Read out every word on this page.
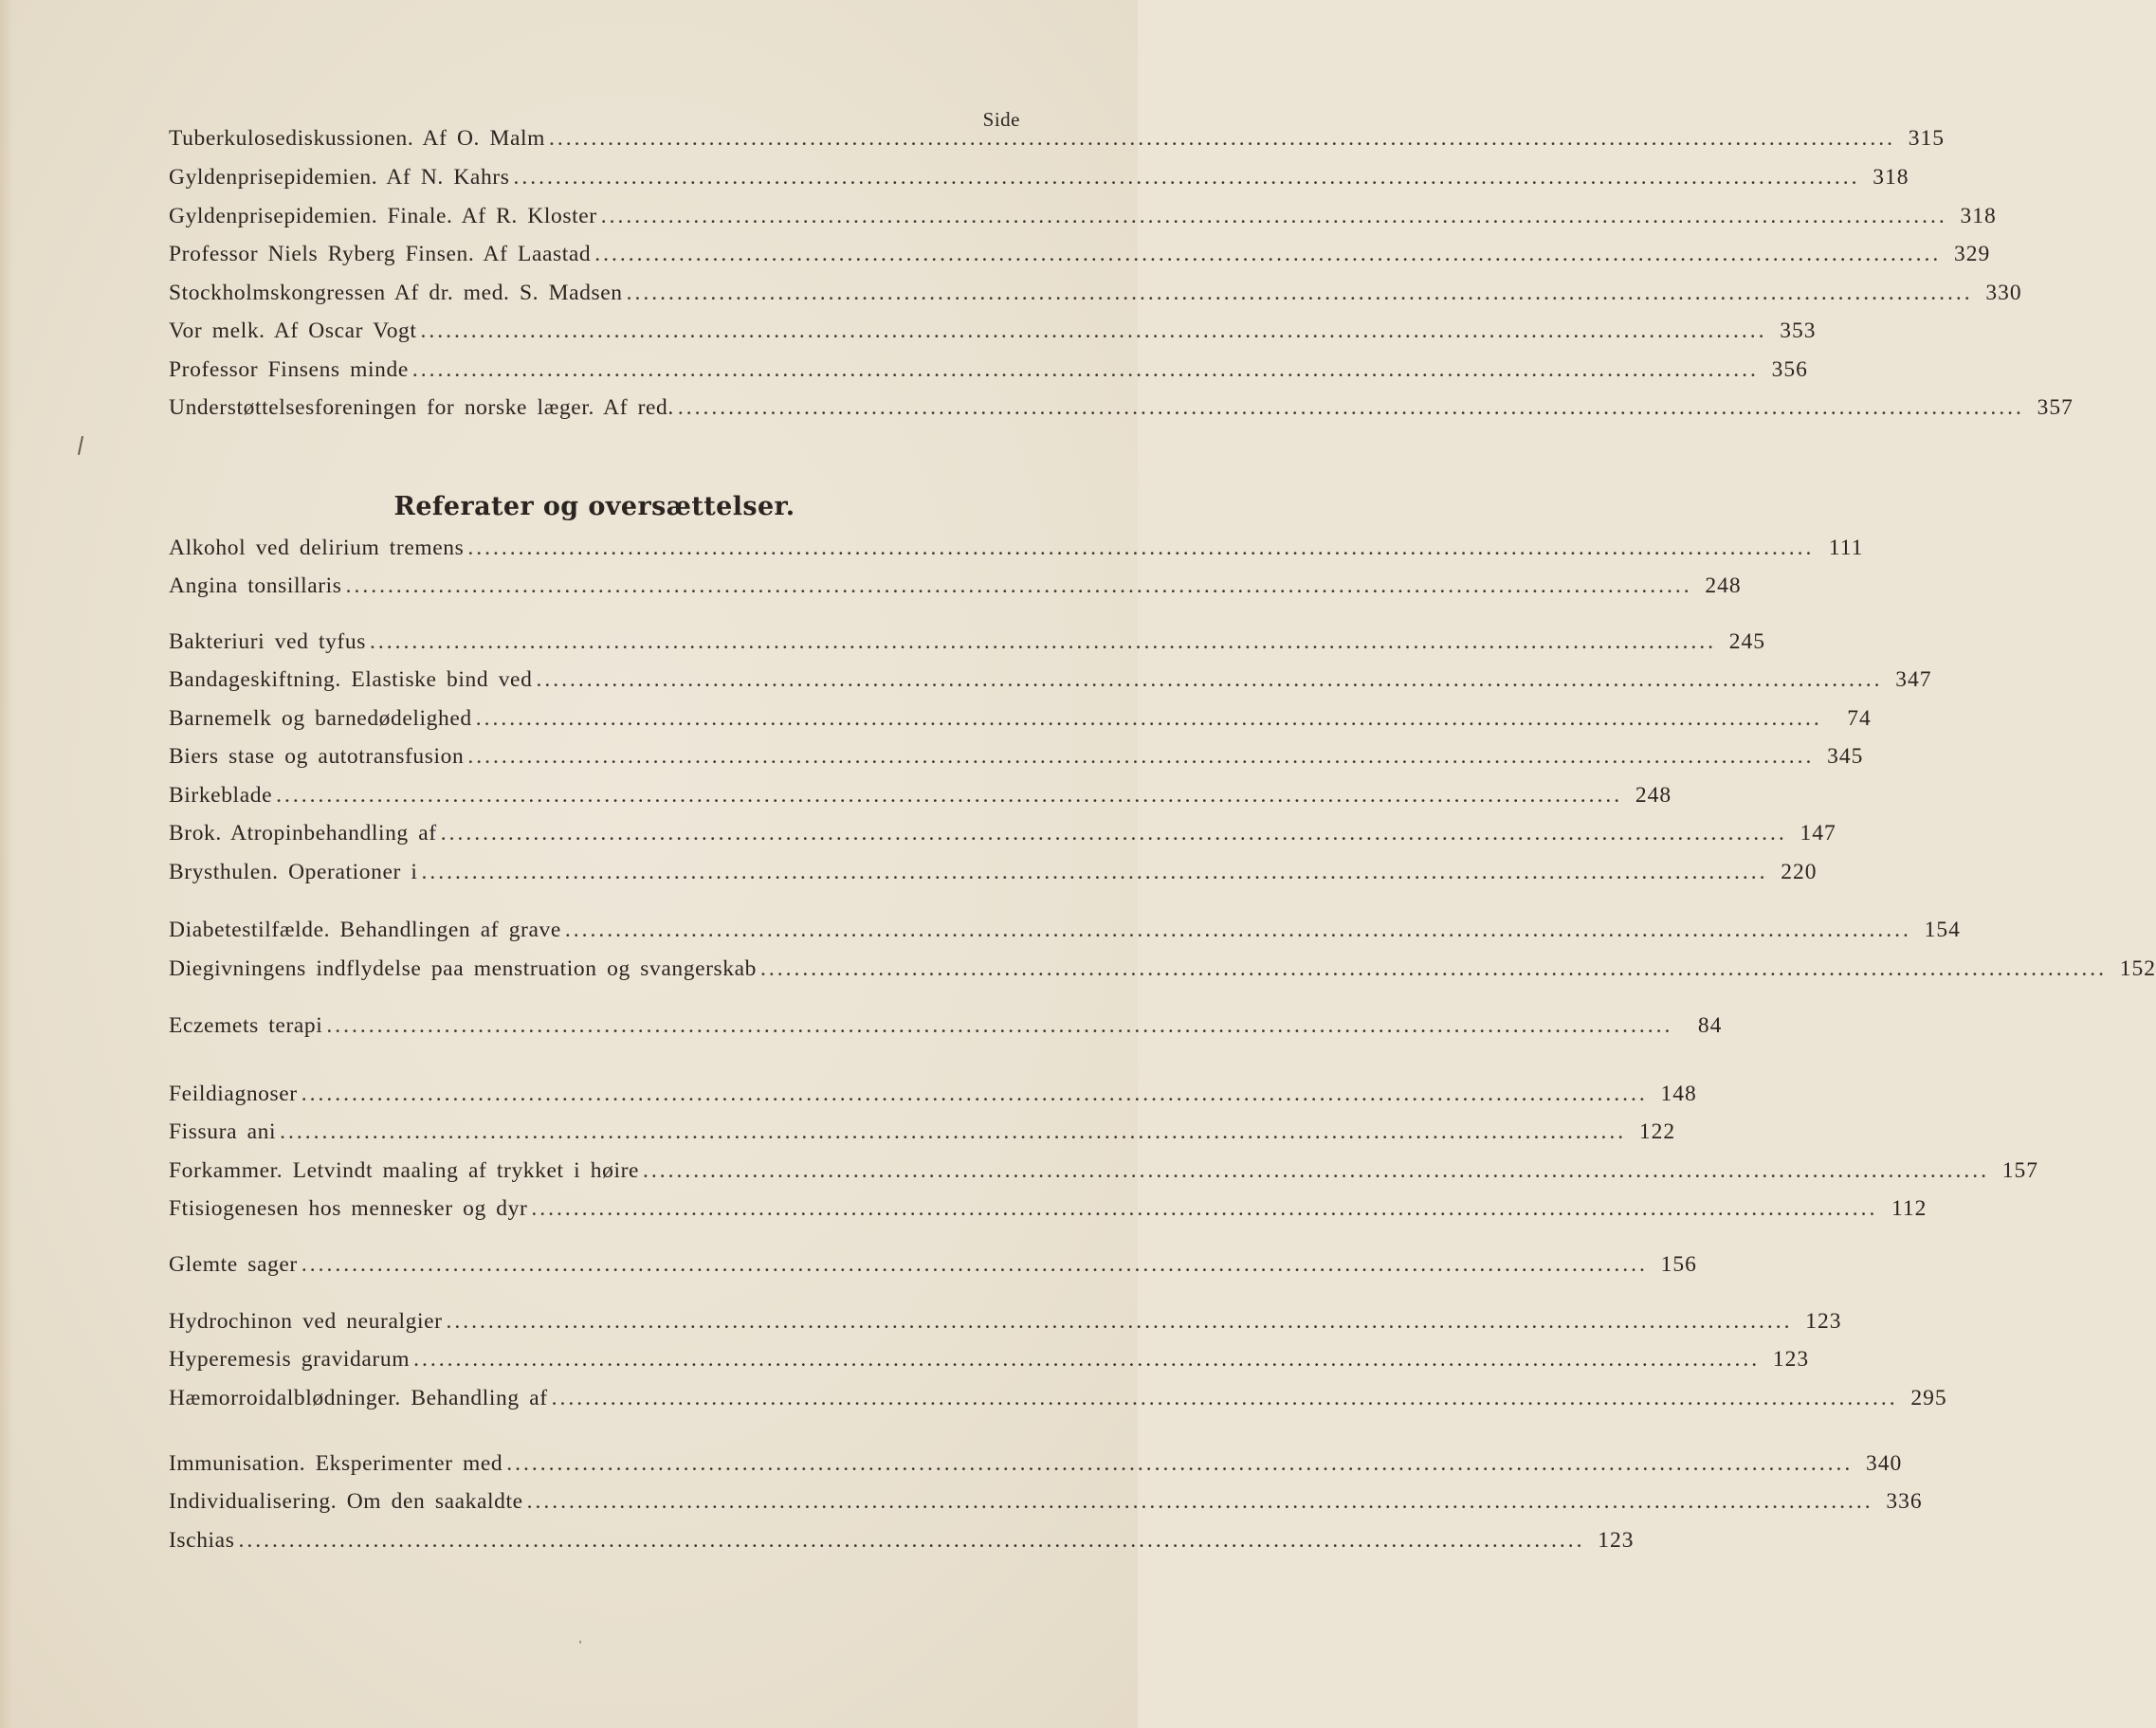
Side
Referater og oversættelser.
Tuberkulosediskussionen. Af O. Malm ................................................................................................................................................................ 315
Gyldenprisepidemien. Af N. Kahrs ................................................................................................................................................................ 318
Gyldenprisepidemien. Finale. Af R. Kloster ................................................................................................................................................................ 318
Professor Niels Ryberg Finsen. Af Laastad ................................................................................................................................................................ 329
Stockholmskongressen Af dr. med. S. Madsen ................................................................................................................................................................ 330
Vor melk. Af Oscar Vogt ................................................................................................................................................................ 353
Professor Finsens minde ................................................................................................................................................................ 356
Understøttelsesforeningen for norske læger. Af red. ................................................................................................................................................................ 357
Alkohol ved delirium tremens ................................................................................................................................................................ 111
Angina tonsillaris ................................................................................................................................................................ 248
Bakteriuri ved tyfus ................................................................................................................................................................ 245
Bandageskiftning. Elastiske bind ved ................................................................................................................................................................ 347
Barnemelk og barnedødelighed ................................................................................................................................................................	74
Biers stase og autotransfusion ................................................................................................................................................................ 345
Birkeblade ................................................................................................................................................................ 248
Brok. Atropinbehandling af ................................................................................................................................................................ 147
Brysthulen. Operationer i ................................................................................................................................................................ 220
Diabetestilfælde. Behandlingen af grave ................................................................................................................................................................ 154
Diegivningens indflydelse paa menstruation og svangerskab ................................................................................................................................................................ 152
Eczemets terapi ................................................................................................................................................................	84
Feildiagnoser ................................................................................................................................................................ 148
Fissura ani ................................................................................................................................................................ 122
Forkammer. Letvindt maaling af trykket i høire ................................................................................................................................................................ 157
Ftisiogenesen hos mennesker og dyr ................................................................................................................................................................ 112
Glemte sager ................................................................................................................................................................ 156
Hydrochinon ved neuralgier ................................................................................................................................................................ 123
Hyperemesis gravidarum ................................................................................................................................................................ 123
Hæmorroidalblødninger. Behandling af ................................................................................................................................................................ 295
Immunisation. Eksperimenter med ................................................................................................................................................................ 340
Individualisering. Om den saakaldte ................................................................................................................................................................ 336
Ischias ................................................................................................................................................................ 123
ʼ
